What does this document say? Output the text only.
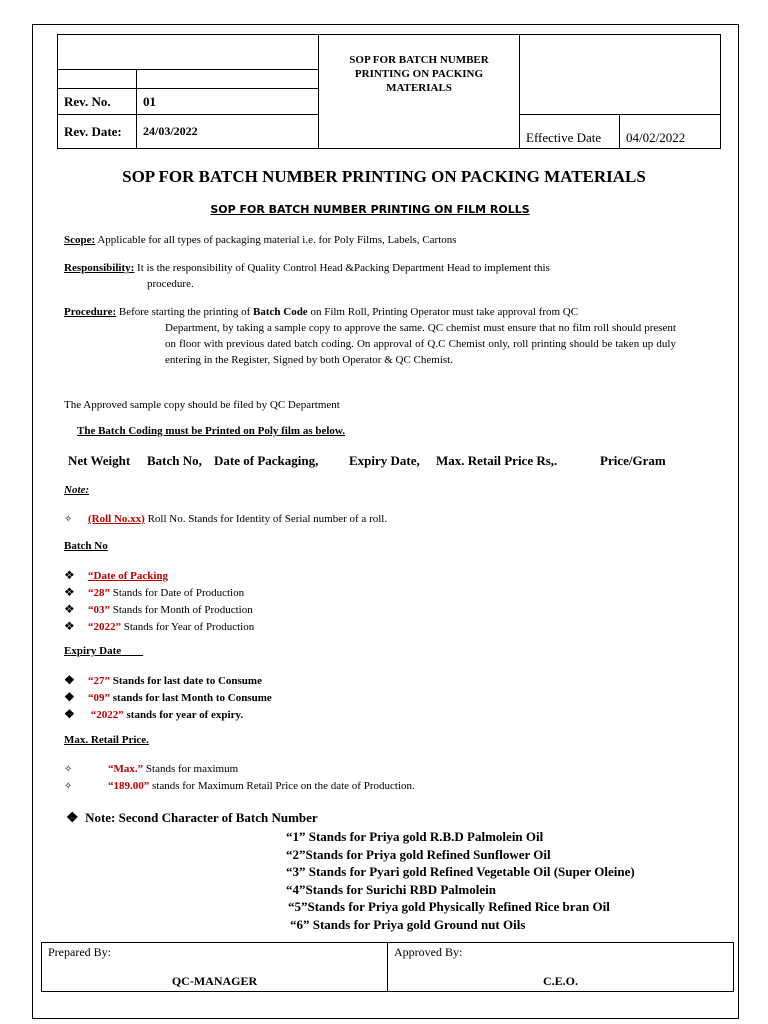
		SOP FOR BATCH NUMBER PRINTING ON PACKING MATERIALS		

Rev. No.	01			
Rev. Date:	24/03/2022		Effective Date	04/02/2022
SOP FOR BATCH NUMBER PRINTING ON PACKING MATERIALS
SOP FOR BATCH NUMBER PRINTING ON FILM ROLLS
Scope: Applicable for all types of packaging material i.e. for Poly Films, Labels, Cartons
Responsibility: It is the responsibility of Quality Control Head &Packing Department Head to implement this
procedure.
Procedure: Before starting the printing of Batch Code on Film Roll, Printing Operator must take approval from QC
Department, by taking a sample copy to approve the same. QC chemist must ensure that no film roll should present on floor with previous dated batch coding. On approval of Q.C Chemist only, roll printing should be taken up duly entering in the Register, Signed by both Operator & QC Chemist.
The Approved sample copy should be filed by QC Department
The Batch Coding must be Printed on Poly film as below.
Net Weight Batch No, Date of Packaging, Expiry Date, Max. Retail Price Rs,.	Price/Gram
Note:
✧ (Roll No.xx) Roll No. Stands for Identity of Serial number of a roll.
Batch No
❖ “Date of Packing
❖ “28” Stands for Date of Production
❖ “03” Stands for Month of Production
❖ “2022” Stands for Year of Production
Expiry Date
❖ “27” Stands for last date to Consume
❖ “09” stands for last Month to Consume
❖ “2022” stands for year of expiry.
Max. Retail Price.
✧	“Max.” Stands for maximum
✧	“189.00” stands for Maximum Retail Price on the date of Production.
❖ Note: Second Character of Batch Number
“1” Stands for Priya gold R.B.D Palmolein Oil
“2”Stands for Priya gold Refined Sunflower Oil
“3” Stands for Pyari gold Refined Vegetable Oil (Super Oleine)
“4”Stands for Surichi RBD Palmolein
“5”Stands for Priya gold Physically Refined Rice bran Oil
“6” Stands for Priya gold Ground nut Oils
Prepared By:
QC-MANAGER

Approved By:
C.E.O.
